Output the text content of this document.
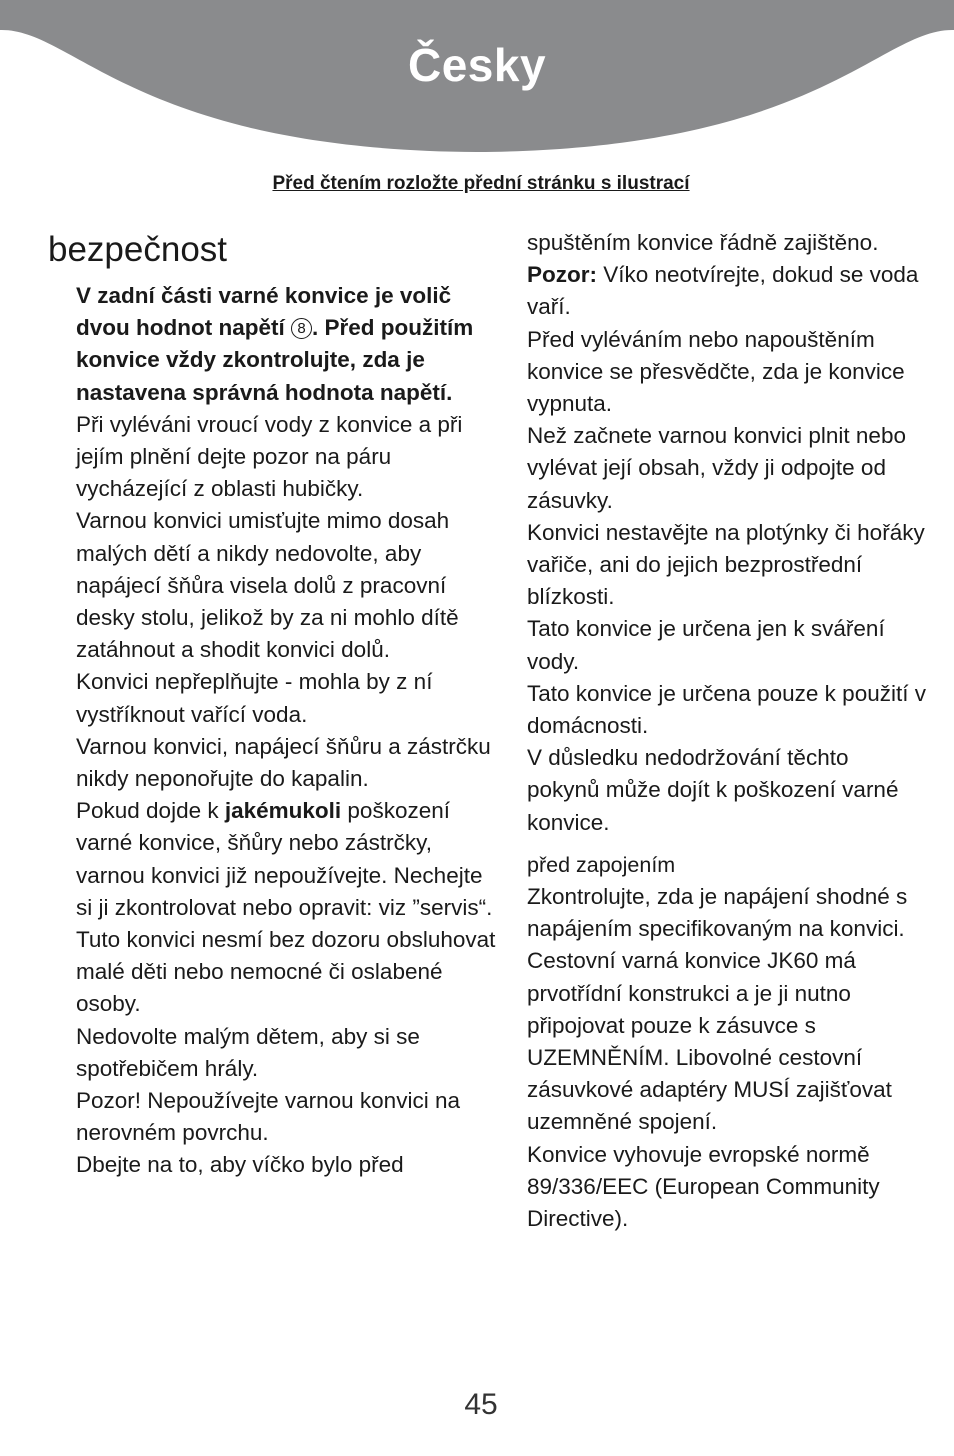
Česky
Před čtením rozložte přední stránku s ilustrací
bezpečnost

V zadní části varné konvice je volič dvou hodnot napětí 8 . Před použitím konvice vždy zkontrolujte, zda je nastavena správná hodnota napětí.

Při vyléváni vroucí vody z konvice a při jejím plnění dejte pozor na páru vycházející z oblasti hubičky.

Varnou konvici umisťujte mimo dosah malých dětí a nikdy nedovolte, aby napájecí šňůra visela dolů z pracovní desky stolu, jelikož by za ni mohlo dítě zatáhnout a shodit konvici dolů.

Konvici nepřeplňujte - mohla by z ní vystříknout vařící voda.

Varnou konvici, napájecí šňůru a zástrčku nikdy neponořujte do kapalin.

Pokud dojde k jakémukoli poškození varné konvice, šňůry nebo zástrčky, varnou konvici již nepoužívejte. Nechejte si ji zkontrolovat nebo opravit: viz ”servis“.

Tuto konvici nesmí bez dozoru obsluhovat malé děti nebo nemocné či oslabené osoby.

Nedovolte malým dětem, aby si se spotřebičem hrály.

Pozor! Nepoužívejte varnou konvici na nerovném povrchu.

Dbejte na to, aby víčko bylo před

spuštěním konvice řádně zajištěno.

Pozor: Víko neotvírejte, dokud se voda vaří.

Před vyléváním nebo napouštěním konvice se přesvědčte, zda je konvice vypnuta.

Než začnete varnou konvici plnit nebo vylévat její obsah, vždy ji odpojte od zásuvky.

Konvici nestavějte na plotýnky či hořáky vařiče, ani do jejich bezprostřední blízkosti.

Tato konvice je určena jen k sváření vody.

Tato konvice je určena pouze k použití v domácnosti.

V důsledku nedodržování těchto pokynů může dojít k poškození varné konvice.

před zapojením

Zkontrolujte, zda je napájení shodné s napájením specifikovaným na konvici.

Cestovní varná konvice JK60 má prvotřídní konstrukci a je ji nutno připojovat pouze k zásuvce s UZEMNĚNÍM. Libovolné cestovní zásuvkové adaptéry MUSÍ zajišťovat uzemněné spojení.

Konvice vyhovuje evropské normě 89/336/EEC (European Community Directive).

45
